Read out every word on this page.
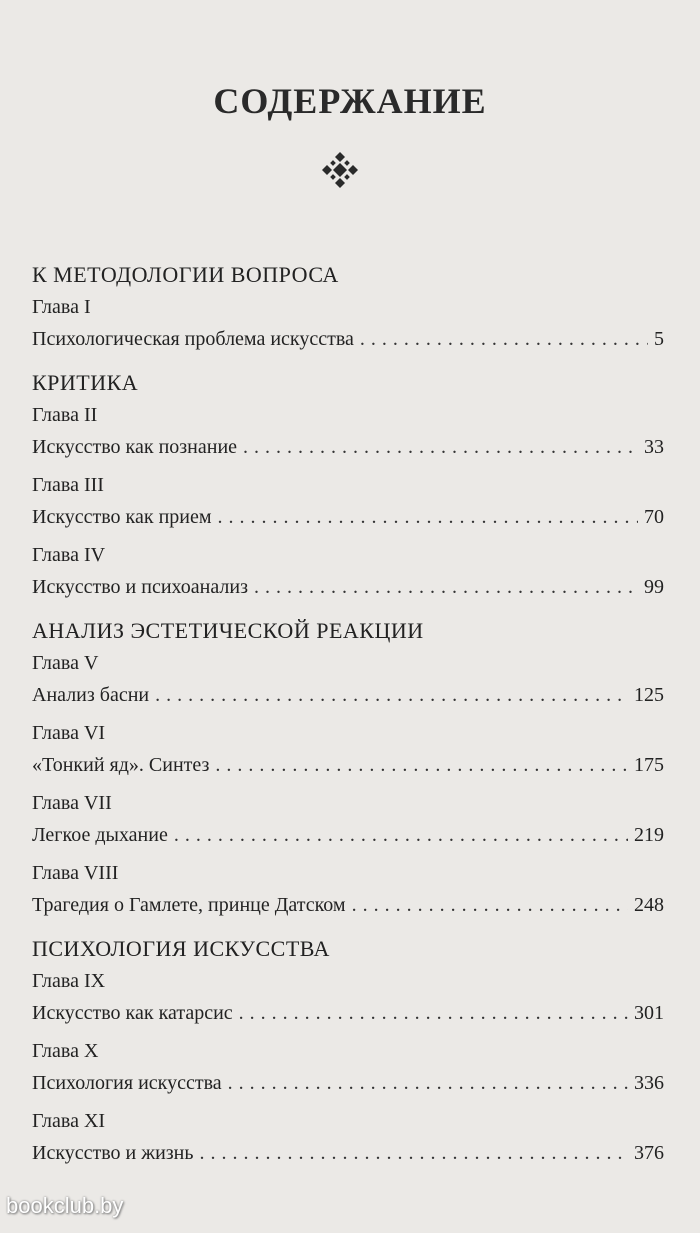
СОДЕРЖАНИЕ
К МЕТОДОЛОГИИ ВОПРОСА
Глава I
Психологическая проблема искусства .....	5
КРИТИКА
Глава II
Искусство как познание .....	33
Глава III
Искусство как прием .....	70
Глава IV
Искусство и психоанализ .....	99
АНАЛИЗ ЭСТЕТИЧЕСКОЙ РЕАКЦИИ
Глава V
Анализ басни .....	125
Глава VI
«Тонкий яд». Синтез .....	175
Глава VII
Легкое дыхание .....	219
Глава VIII
Трагедия о Гамлете, принце Датском .....	248
ПСИХОЛОГИЯ ИСКУССТВА
Глава IX
Искусство как катарсис .....	301
Глава X
Психология искусства .....	336
Глава XI
Искусство и жизнь .....	376
bookclub.by
